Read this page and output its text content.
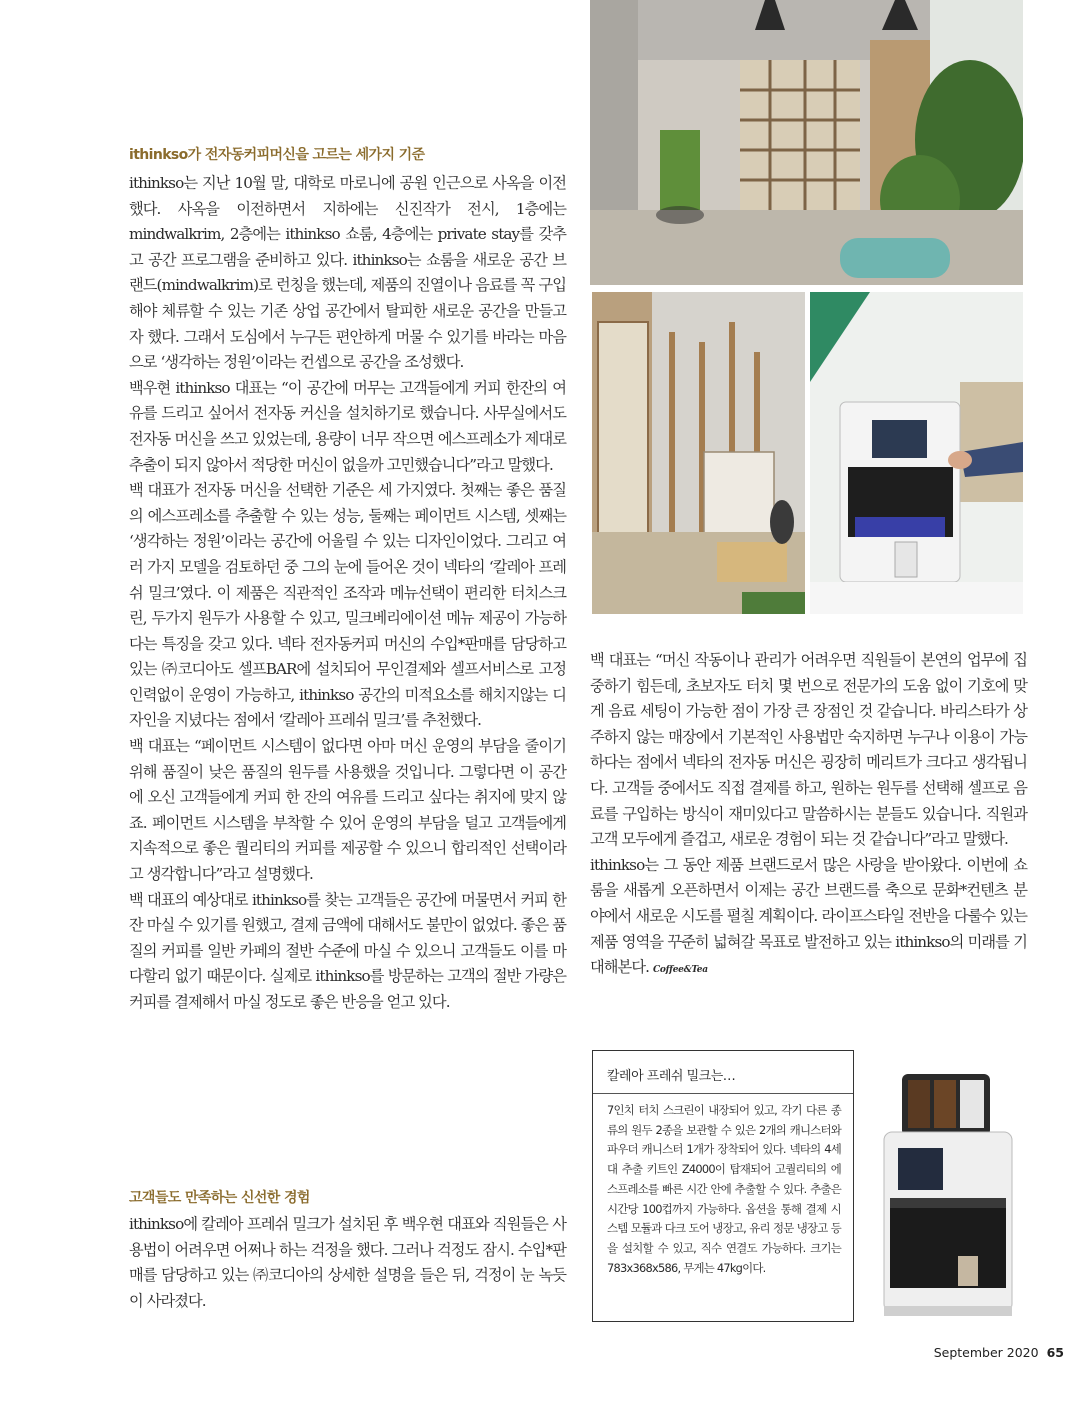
ithinkso가 전자동커피머신을 고르는 세가지 기준

ithinkso는 지난 10월 말, 대학로 마로니에 공원 인근으로 사옥을 이전했다. 사옥을 이전하면서 지하에는 신진작가 전시, 1층에는 mindwalkrim, 2층에는 ithinkso 쇼룸, 4층에는 private stay를 갖추고 공간 프로그램을 준비하고 있다. ithinkso는 쇼룸을 새로운 공간 브랜드(mindwalkrim)로 런칭을 했는데, 제품의 진열이나 음료를 꼭 구입해야 체류할 수 있는 기존 상업 공간에서 탈피한 새로운 공간을 만들고자 했다. 그래서 도심에서 누구든 편안하게 머물 수 있기를 바라는 마음으로 ‘생각하는 정원’이라는 컨셉으로 공간을 조성했다.

백우현 ithinkso 대표는 “이 공간에 머무는 고객들에게 커피 한잔의 여유를 드리고 싶어서 전자동 커신을 설치하기로 했습니다. 사무실에서도 전자동 머신을 쓰고 있었는데, 용량이 너무 작으면 에스프레소가 제대로 추출이 되지 않아서 적당한 머신이 없을까 고민했습니다”라고 말했다.

백 대표가 전자동 머신을 선택한 기준은 세 가지였다. 첫째는 좋은 품질의 에스프레소를 추출할 수 있는 성능, 둘째는 페이먼트 시스템, 셋째는 ‘생각하는 정원’이라는 공간에 어울릴 수 있는 디자인이었다. 그리고 여러 가지 모델을 검토하던 중 그의 눈에 들어온 것이 넥타의 ‘칼레아 프레쉬 밀크’였다. 이 제품은 직관적인 조작과 메뉴선택이 편리한 터치스크린, 두가지 원두가 사용할 수 있고, 밀크베리에이션 메뉴 제공이 가능하다는 특징을 갖고 있다. 넥타 전자동커피 머신의 수입*판매를 담당하고 있는 ㈜코디아도 셀프BAR에 설치되어 무인결제와 셀프서비스로 고정인력없이 운영이 가능하고, ithinkso 공간의 미적요소를 해치지않는 디자인을 지녔다는 점에서 ‘칼레아 프레쉬 밀크’를 추천했다.

백 대표는 “페이먼트 시스템이 없다면 아마 머신 운영의 부담을 줄이기 위해 품질이 낮은 품질의 원두를 사용했을 것입니다. 그렇다면 이 공간에 오신 고객들에게 커피 한 잔의 여유를 드리고 싶다는 취지에 맞지 않죠. 페이먼트 시스템을 부착할 수 있어 운영의 부담을 덜고 고객들에게 지속적으로 좋은 퀄리티의 커피를 제공할 수 있으니 합리적인 선택이라고 생각합니다”라고 설명했다.

백 대표의 예상대로 ithinkso를 찾는 고객들은 공간에 머물면서 커피 한 잔 마실 수 있기를 원했고, 결제 금액에 대해서도 불만이 없었다. 좋은 품질의 커피를 일반 카페의 절반 수준에 마실 수 있으니 고객들도 이를 마다할리 없기 때문이다. 실제로 ithinkso를 방문하는 고객의 절반 가량은 커피를 결제해서 마실 정도로 좋은 반응을 얻고 있다.

고객들도 만족하는 신선한 경험

ithinkso에 칼레아 프레쉬 밀크가 설치된 후 백우현 대표와 직원들은 사용법이 어려우면 어쩌나 하는 걱정을 했다. 그러나 걱정도 잠시. 수입*판매를 담당하고 있는 ㈜코디아의 상세한 설명을 들은 뒤, 걱정이 눈 녹듯이 사라졌다.

백 대표는 “머신 작동이나 관리가 어려우면 직원들이 본연의 업무에 집중하기 힘든데, 초보자도 터치 몇 번으로 전문가의 도움 없이 기호에 맞게 음료 세팅이 가능한 점이 가장 큰 장점인 것 같습니다. 바리스타가 상주하지 않는 매장에서 기본적인 사용법만 숙지하면 누구나 이용이 가능하다는 점에서 넥타의 전자동 머신은 굉장히 메리트가 크다고 생각됩니다. 고객들 중에서도 직접 결제를 하고, 원하는 원두를 선택해 셀프로 음료를 구입하는 방식이 재미있다고 말씀하시는 분들도 있습니다. 직원과 고객 모두에게 즐겁고, 새로운 경험이 되는 것 같습니다”라고 말했다.

ithinkso는 그 동안 제품 브랜드로서 많은 사랑을 받아왔다. 이번에 쇼룸을 새롭게 오픈하면서 이제는 공간 브랜드를 축으로 문화*컨텐츠 분야에서 새로운 시도를 펼칠 계획이다. 라이프스타일 전반을 다룰수 있는 제품 영역을 꾸준히 넓혀갈 목표로 발전하고 있는 ithinkso의 미래를 기대해본다. Coffee&Tea

칼레아 프레쉬 밀크는…

7인치 터치 스크린이 내장되어 있고, 각기 다른 종류의 원두 2종을 보관할 수 있은 2개의 캐니스터와 파우더 캐니스터 1개가 장착되어 있다. 넥타의 4세대 추출 키트인 Z4000이 탑재되어 고퀄리티의 에스프레소를 빠른 시간 안에 추출할 수 있다. 추출은 시간당 100컵까지 가능하다. 옵션을 통해 결제 시스템 모듈과 다크 도어 냉장고, 유리 정문 냉장고 등을 설치할 수 있고, 직수 연결도 가능하다. 크기는 783x368x586, 무게는 47kg이다.

September 2020 65
